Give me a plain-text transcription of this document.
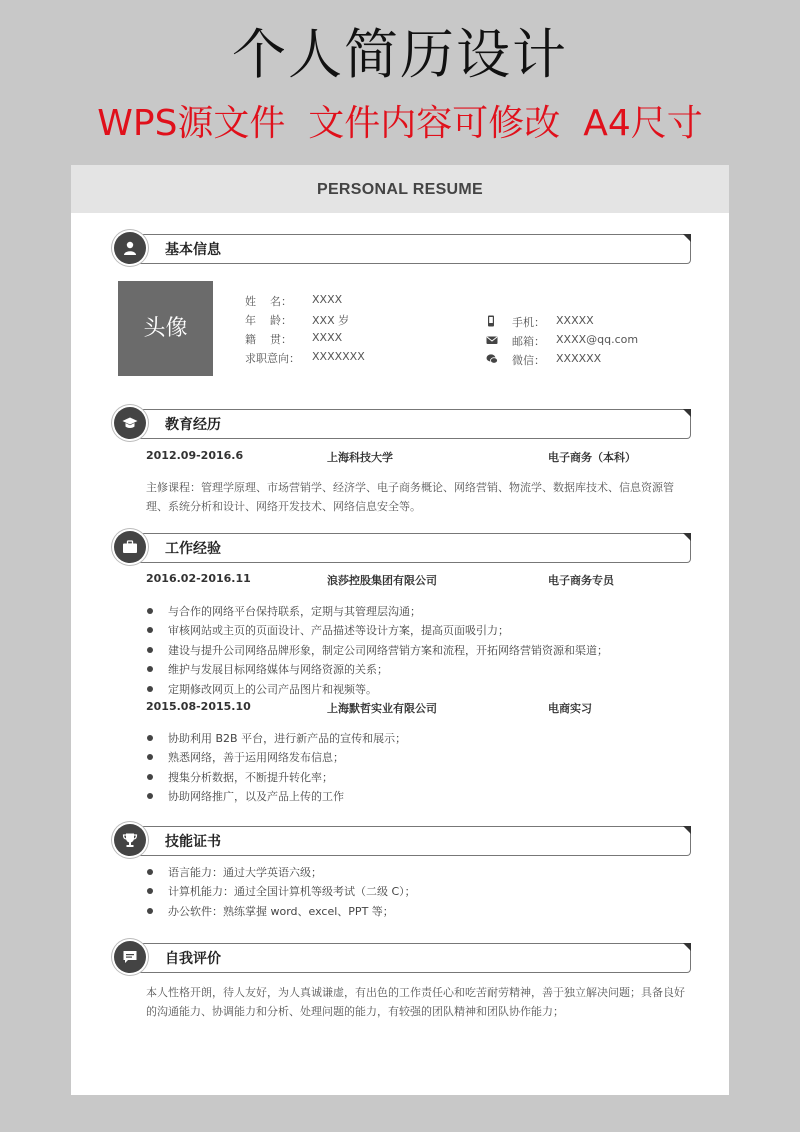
个人简历设计
WPS源文件  文件内容可修改  A4尺寸
PERSONAL RESUME
基本信息
头像
姓    名： XXXX
年    龄： XXX 岁
籍    贯： XXXX
求职意向： XXXXXXX
手机： XXXXX
邮箱： XXXX@qq.com
微信： XXXXXX
教育经历
2012.09-2016.6	上海科技大学	电子商务（本科）
主修课程：管理学原理、市场营销学、经济学、电子商务概论、网络营销、物流学、数据库技术、信息资源管理、系统分析和设计、网络开发技术、网络信息安全等。
工作经验
2016.02-2016.11	浪莎控股集团有限公司	电子商务专员
与合作的网络平台保持联系，定期与其管理层沟通；
审核网站或主页的页面设计、产品描述等设计方案，提高页面吸引力；
建设与提升公司网络品牌形象，制定公司网络营销方案和流程，开拓网络营销资源和渠道；
维护与发展目标网络媒体与网络资源的关系；
定期修改网页上的公司产品图片和视频等。
2015.08-2015.10	上海默哲实业有限公司	电商实习
协助利用 B2B 平台，进行新产品的宣传和展示；
熟悉网络，善于运用网络发布信息；
搜集分析数据，不断提升转化率；
协助网络推广，以及产品上传的工作
技能证书
语言能力：通过大学英语六级；
计算机能力：通过全国计算机等级考试（二级 C）；
办公软件：熟练掌握 word、excel、PPT 等；
自我评价
本人性格开朗，待人友好，为人真诚谦虚，有出色的工作责任心和吃苦耐劳精神，善于独立解决问题；具备良好的沟通能力、协调能力和分析、处理问题的能力，有较强的团队精神和团队协作能力；
